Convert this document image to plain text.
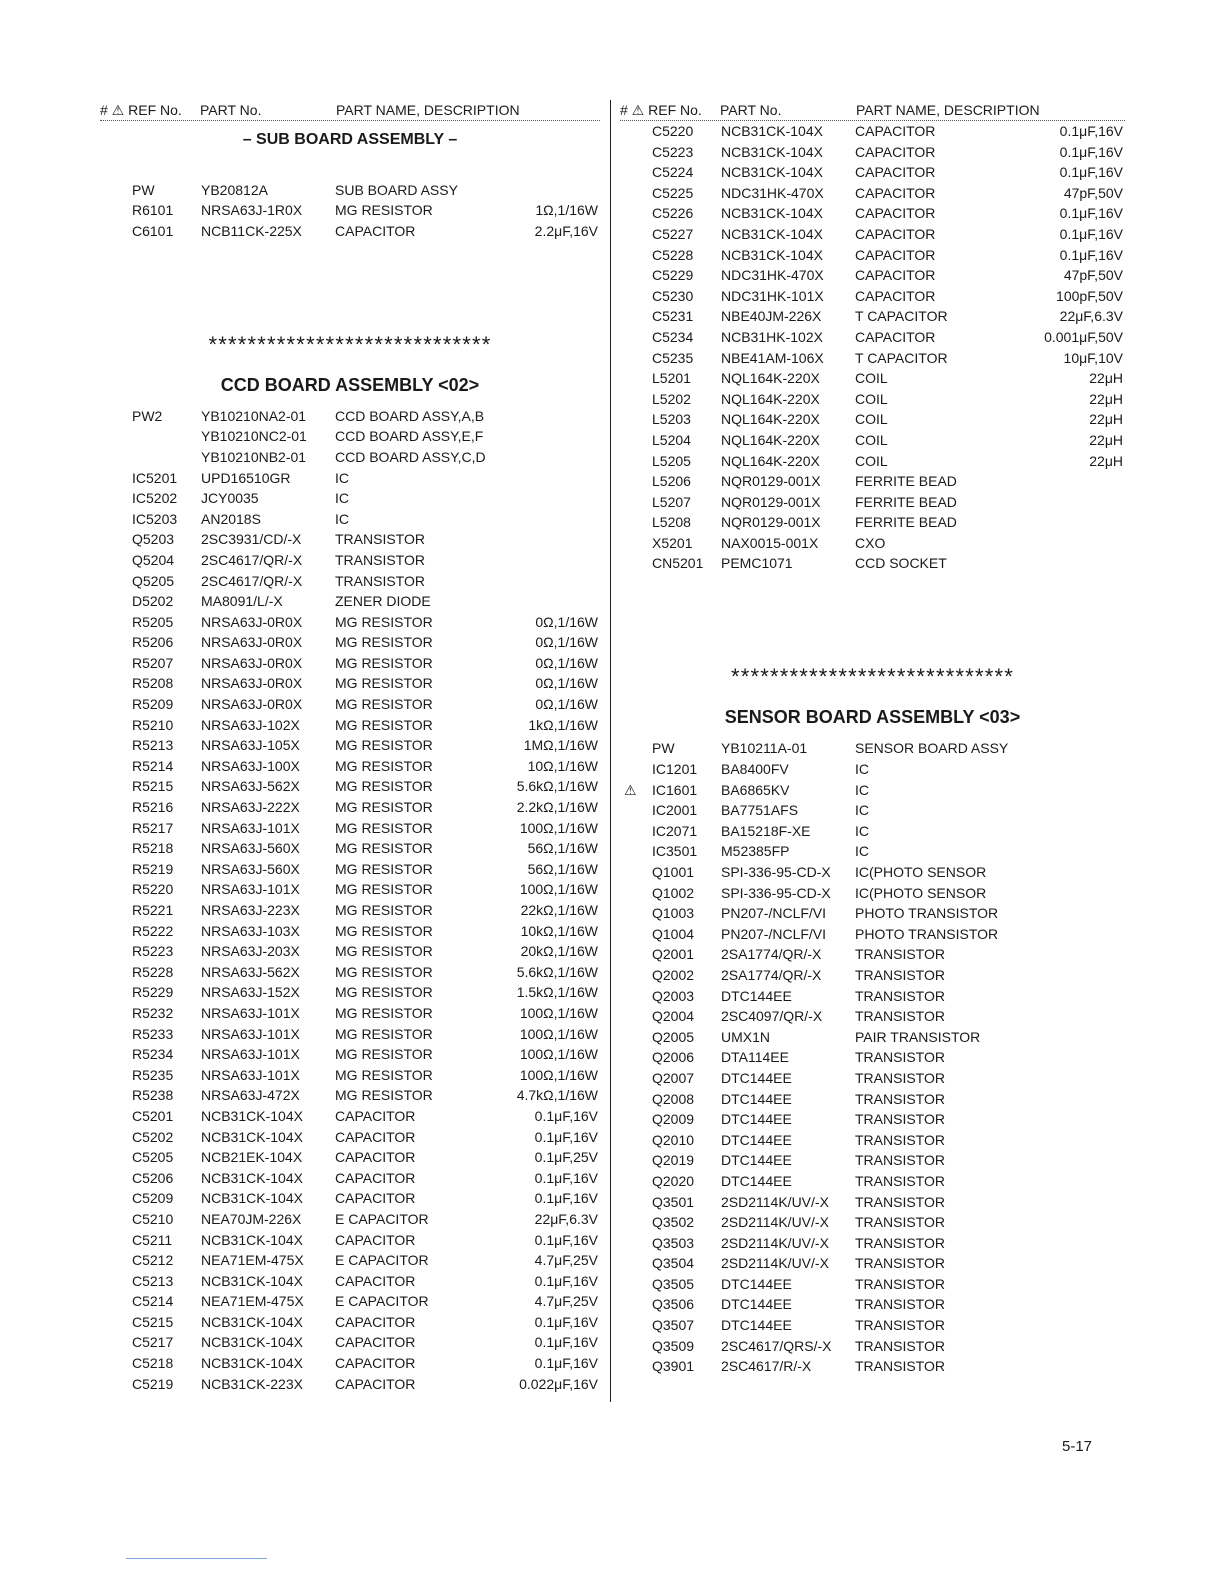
# ⚠ REF No. PART No.	PART NAME, DESCRIPTION
– SUB BOARD ASSEMBLY –
PW	YB20812A	SUB BOARD ASSY
R6101 NRSA63J-1R0X MG RESISTOR	1Ω,1/16W
C6101 NCB11CK-225X CAPACITOR	2.2μF,16V
*****************************
CCD BOARD ASSEMBLY <02>
PW2	YB10210NA2-01 CCD BOARD ASSY,A,B
YB10210NC2-01 CCD BOARD ASSY,E,F
YB10210NB2-01 CCD BOARD ASSY,C,D
IC5201 UPD16510GR	IC
IC5202 JCY0035	IC
IC5203 AN2018S	IC
Q5203 2SC3931/CD/-X TRANSISTOR
Q5204 2SC4617/QR/-X TRANSISTOR
Q5205 2SC4617/QR/-X TRANSISTOR
D5202 MA8091/L/-X	ZENER DIODE
R5205 NRSA63J-0R0X MG RESISTOR	0Ω,1/16W
R5206 NRSA63J-0R0X MG RESISTOR	0Ω,1/16W
R5207 NRSA63J-0R0X MG RESISTOR	0Ω,1/16W
R5208 NRSA63J-0R0X MG RESISTOR	0Ω,1/16W
R5209 NRSA63J-0R0X MG RESISTOR	0Ω,1/16W
R5210 NRSA63J-102X	MG RESISTOR	1kΩ,1/16W
R5213 NRSA63J-105X	MG RESISTOR	1MΩ,1/16W
R5214 NRSA63J-100X	MG RESISTOR	10Ω,1/16W
R5215 NRSA63J-562X	MG RESISTOR	5.6kΩ,1/16W
R5216 NRSA63J-222X	MG RESISTOR	2.2kΩ,1/16W
R5217 NRSA63J-101X	MG RESISTOR	100Ω,1/16W
R5218 NRSA63J-560X	MG RESISTOR	56Ω,1/16W
R5219 NRSA63J-560X	MG RESISTOR	56Ω,1/16W
R5220 NRSA63J-101X	MG RESISTOR	100Ω,1/16W
R5221 NRSA63J-223X	MG RESISTOR	22kΩ,1/16W
R5222 NRSA63J-103X	MG RESISTOR	10kΩ,1/16W
R5223 NRSA63J-203X	MG RESISTOR	20kΩ,1/16W
R5228 NRSA63J-562X	MG RESISTOR	5.6kΩ,1/16W
R5229 NRSA63J-152X	MG RESISTOR	1.5kΩ,1/16W
R5232 NRSA63J-101X	MG RESISTOR	100Ω,1/16W
R5233 NRSA63J-101X	MG RESISTOR	100Ω,1/16W
R5234 NRSA63J-101X	MG RESISTOR	100Ω,1/16W
R5235 NRSA63J-101X	MG RESISTOR	100Ω,1/16W
R5238 NRSA63J-472X	MG RESISTOR	4.7kΩ,1/16W
C5201 NCB31CK-104X CAPACITOR	0.1μF,16V
C5202 NCB31CK-104X CAPACITOR	0.1μF,16V
C5205 NCB21EK-104X CAPACITOR	0.1μF,25V
C5206 NCB31CK-104X CAPACITOR	0.1μF,16V
C5209 NCB31CK-104X CAPACITOR	0.1μF,16V
C5210 NEA70JM-226X E CAPACITOR	22μF,6.3V
C5211 NCB31CK-104X CAPACITOR	0.1μF,16V
C5212 NEA71EM-475X E CAPACITOR	4.7μF,25V
C5213 NCB31CK-104X CAPACITOR	0.1μF,16V
C5214 NEA71EM-475X E CAPACITOR	4.7μF,25V
C5215 NCB31CK-104X CAPACITOR	0.1μF,16V
C5217 NCB31CK-104X CAPACITOR	0.1μF,16V
C5218 NCB31CK-104X CAPACITOR	0.1μF,16V
C5219 NCB31CK-223X CAPACITOR	0.022μF,16V
# ⚠ REF No. PART No.	PART NAME, DESCRIPTION
C5220 NCB31CK-104X CAPACITOR	0.1μF,16V
C5223 NCB31CK-104X CAPACITOR	0.1μF,16V
C5224 NCB31CK-104X CAPACITOR	0.1μF,16V
C5225 NDC31HK-470X CAPACITOR	47pF,50V
C5226 NCB31CK-104X CAPACITOR	0.1μF,16V
C5227 NCB31CK-104X CAPACITOR	0.1μF,16V
C5228 NCB31CK-104X CAPACITOR	0.1μF,16V
C5229 NDC31HK-470X CAPACITOR	47pF,50V
C5230 NDC31HK-101X CAPACITOR	100pF,50V
C5231 NBE40JM-226X T CAPACITOR	22μF,6.3V
C5234 NCB31HK-102X CAPACITOR	0.001μF,50V
C5235 NBE41AM-106X T CAPACITOR	10μF,10V
L5201 NQL164K-220X	COIL	22μH
L5202 NQL164K-220X	COIL	22μH
L5203 NQL164K-220X	COIL	22μH
L5204 NQL164K-220X	COIL	22μH
L5205 NQL164K-220X	COIL	22μH
L5206 NQR0129-001X FERRITE BEAD
L5207 NQR0129-001X FERRITE BEAD
L5208 NQR0129-001X FERRITE BEAD
X5201 NAX0015-001X	CXO
CN5201 PEMC1071	CCD SOCKET
*****************************
SENSOR BOARD ASSEMBLY <03>
PW	YB10211A-01	SENSOR BOARD ASSY
IC1201 BA8400FV	IC
⚠ IC1601 BA6865KV	IC
IC2001 BA7751AFS	IC
IC2071 BA15218F-XE	IC
IC3501 M52385FP	IC
Q1001 SPI-336-95-CD-X IC(PHOTO SENSOR
Q1002 SPI-336-95-CD-X IC(PHOTO SENSOR
Q1003 PN207-/NCLF/VI PHOTO TRANSISTOR
Q1004 PN207-/NCLF/VI PHOTO TRANSISTOR
Q2001 2SA1774/QR/-X TRANSISTOR
Q2002 2SA1774/QR/-X TRANSISTOR
Q2003 DTC144EE	TRANSISTOR
Q2004 2SC4097/QR/-X TRANSISTOR
Q2005 UMX1N	PAIR TRANSISTOR
Q2006 DTA114EE	TRANSISTOR
Q2007 DTC144EE	TRANSISTOR
Q2008 DTC144EE	TRANSISTOR
Q2009 DTC144EE	TRANSISTOR
Q2010 DTC144EE	TRANSISTOR
Q2019 DTC144EE	TRANSISTOR
Q2020 DTC144EE	TRANSISTOR
Q3501 2SD2114K/UV/-X TRANSISTOR
Q3502 2SD2114K/UV/-X TRANSISTOR
Q3503 2SD2114K/UV/-X TRANSISTOR
Q3504 2SD2114K/UV/-X TRANSISTOR
Q3505 DTC144EE	TRANSISTOR
Q3506 DTC144EE	TRANSISTOR
Q3507 DTC144EE	TRANSISTOR
Q3509 2SC4617/QRS/-X TRANSISTOR
Q3901 2SC4617/R/-X	TRANSISTOR
5-17
